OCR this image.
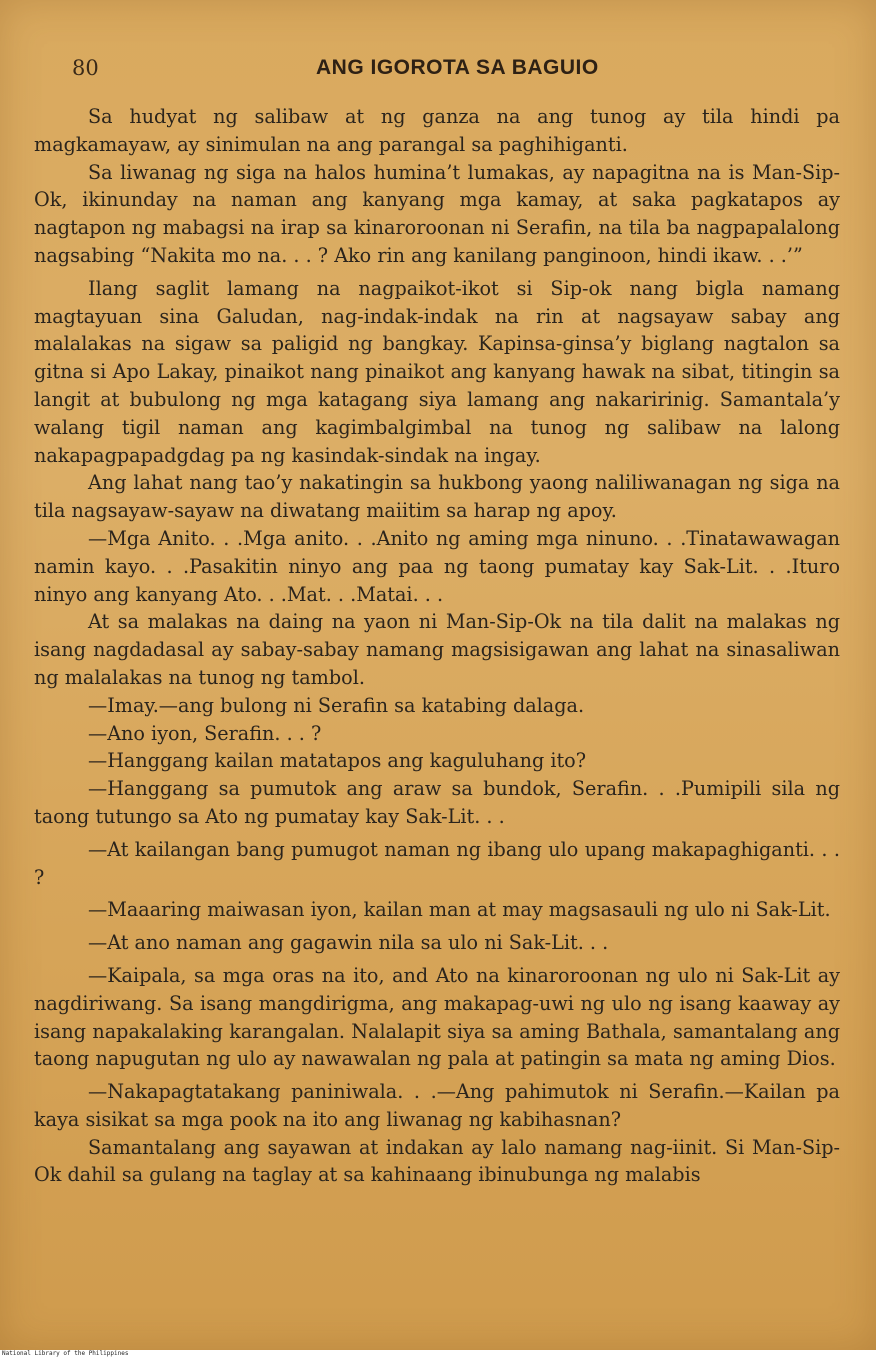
80	ANG IGOROTA SA BAGUIO

Sa hudyat ng salibaw at ng ganza na ang tunog ay tila hindi pa magkamayaw, ay sinimulan na ang parangal sa paghihiganti.

Sa liwanag ng siga na halos humina’t lumakas, ay napagitna na is Man-Sip-Ok, ikinunday na naman ang kanyang mga kamay, at saka pagkatapos ay nagtapon ng mabagsi na irap sa kinaroroonan ni Serafin, na tila ba nagpapalalong nagsabing “Nakita mo na. . . ? Ako rin ang kanilang panginoon, hindi ikaw. . .’”

Ilang saglit lamang na nagpaikot-ikot si Sip-ok nang bigla namang magtayuan sina Galudan, nag-indak-indak na rin at nagsayaw sabay ang malalakas na sigaw sa paligid ng bangkay. Kapinsa-ginsa’y biglang nagtalon sa gitna si Apo Lakay, pinaikot nang pinaikot ang kanyang hawak na sibat, titingin sa langit at bubulong ng mga katagang siya lamang ang nakaririnig. Samantala’y walang tigil naman ang kagimbalgimbal na tunog ng salibaw na lalong nakapagpapadgdag pa ng kasindak-sindak na ingay.

Ang lahat nang tao’y nakatingin sa hukbong yaong naliliwanagan ng siga na tila nagsayaw-sayaw na diwatang maiitim sa harap ng apoy.

—Mga Anito. . .Mga anito. . .Anito ng aming mga ninuno. . .Tinatawawagan namin kayo. . .Pasakitin ninyo ang paa ng taong pumatay kay Sak-Lit. . .Ituro ninyo ang kanyang Ato. . .Mat. . .Matai. . .

At sa malakas na daing na yaon ni Man-Sip-Ok na tila dalit na malakas ng isang nagdadasal ay sabay-sabay namang magsisigawan ang lahat na sinasaliwan ng malalakas na tunog ng tambol.

—Imay.—ang bulong ni Serafin sa katabing dalaga.

—Ano iyon, Serafin. . . ?

—Hanggang kailan matatapos ang kaguluhang ito?

—Hanggang sa pumutok ang araw sa bundok, Serafin. . .Pumipili sila ng taong tutungo sa Ato ng pumatay kay Sak-Lit. . .

—At kailangan bang pumugot naman ng ibang ulo upang makapaghiganti. . . ?

—Maaaring maiwasan iyon, kailan man at may magsasauli ng ulo ni Sak-Lit.

—At ano naman ang gagawin nila sa ulo ni Sak-Lit. . .

—Kaipala, sa mga oras na ito, and Ato na kinaroroonan ng ulo ni Sak-Lit ay nagdiriwang. Sa isang mangdirigma, ang makapag-uwi ng ulo ng isang kaaway ay isang napakalaking karangalan. Nalalapit siya sa aming Bathala, samantalang ang taong napugutan ng ulo ay nawawalan ng pala at patingin sa mata ng aming Dios.

—Nakapagtatakang paniniwala. . .—Ang pahimutok ni Serafin.—Kailan pa kaya sisikat sa mga pook na ito ang liwanag ng kabihasnan?

Samantalang ang sayawan at indakan ay lalo namang nag-iinit. Si Man-Sip-Ok dahil sa gulang na taglay at sa kahinaang ibinubunga ng malabis

National Library of the Philippines
